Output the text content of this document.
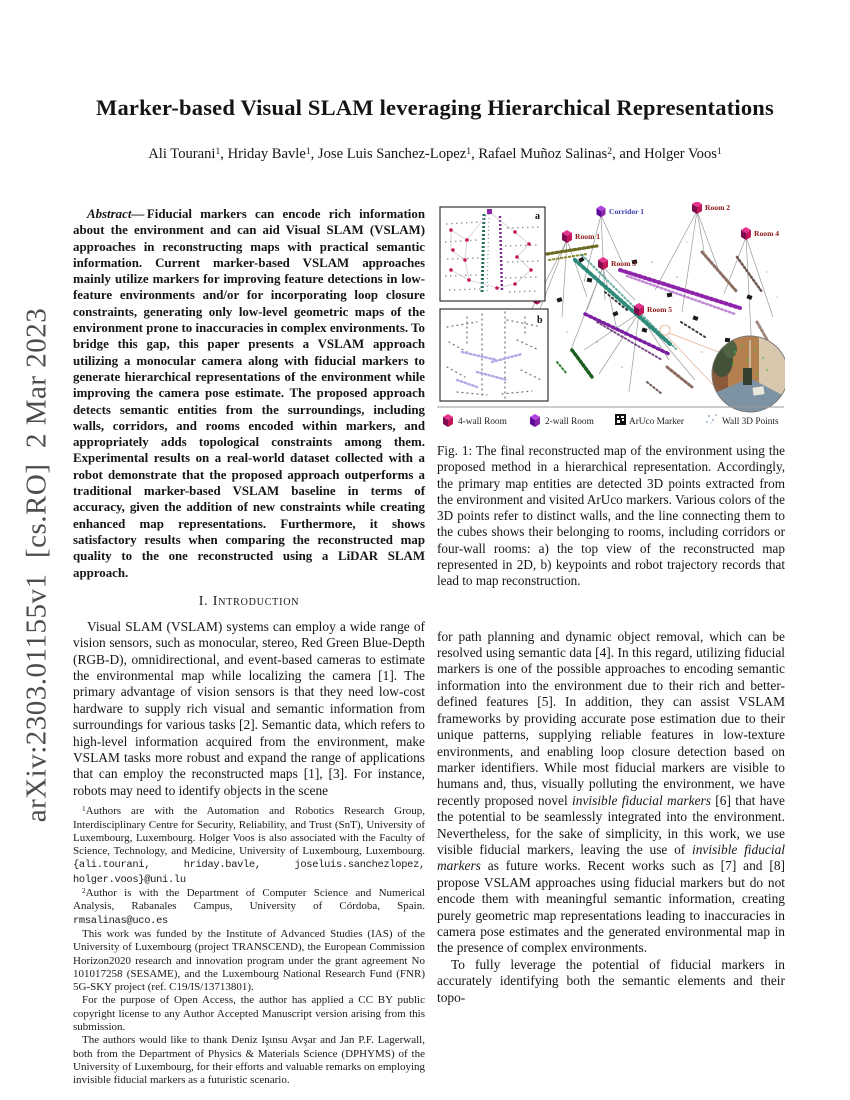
arXiv:2303.01155v1  [cs.RO]  2 Mar 2023
Marker-based Visual SLAM leveraging Hierarchical Representations
Ali Tourani$^1$, Hriday Bavle$^1$, Jose Luis Sanchez-Lopez$^1$, Rafael Muñoz Salinas$^2$, and Holger Voos$^1$

Abstract— Fiducial markers can encode rich information about the environment and can aid Visual SLAM (VSLAM) approaches in reconstructing maps with practical semantic information. Current marker-based VSLAM approaches mainly utilize markers for improving feature detections in low-feature environments and/or for incorporating loop closure constraints, generating only low-level geometric maps of the environment prone to inaccuracies in complex environments. To bridge this gap, this paper presents a VSLAM approach utilizing a monocular camera along with fiducial markers to generate hierarchical representations of the environment while improving the camera pose estimate. The proposed approach detects semantic entities from the surroundings, including walls, corridors, and rooms encoded within markers, and appropriately adds topological constraints among them. Experimental results on a real-world dataset collected with a robot demonstrate that the proposed approach outperforms a traditional marker-based VSLAM baseline in terms of accuracy, given the addition of new constraints while creating enhanced map representations. Furthermore, it shows satisfactory results when comparing the reconstructed map quality to the one reconstructed using a LiDAR SLAM approach.

I. Introduction

Visual SLAM (VSLAM) systems can employ a wide range of vision sensors, such as monocular, stereo, Red Green Blue-Depth (RGB-D), omnidirectional, and event-based cameras to estimate the environmental map while localizing the camera [1]. The primary advantage of vision sensors is that they need low-cost hardware to supply rich visual and semantic information from surroundings for various tasks [2]. Semantic data, which refers to high-level information acquired from the environment, make VSLAM tasks more robust and expand the range of applications that can employ the reconstructed maps [1], [3]. For instance, robots may need to identify objects in the scene

$^1$Authors are with the Automation and Robotics Research Group, Interdisciplinary Centre for Security, Reliability, and Trust (SnT), University of Luxembourg, Luxembourg. Holger Voos is also associated with the Faculty of Science, Technology, and Medicine, University of Luxembourg, Luxembourg. {ali.tourani, hriday.bavle, joseluis.sanchezlopez, holger.voos}@uni.lu

$^2$Author is with the Department of Computer Science and Numerical Analysis, Rabanales Campus, University of Córdoba, Spain. rmsalinas@uco.es

This work was funded by the Institute of Advanced Studies (IAS) of the University of Luxembourg (project TRANSCEND), the European Commission Horizon2020 research and innovation program under the grant agreement No 101017258 (SESAME), and the Luxembourg National Research Fund (FNR) 5G-SKY project (ref. C19/IS/13713801).

For the purpose of Open Access, the author has applied a CC BY public copyright license to any Author Accepted Manuscript version arising from this submission.

The authors would like to thank Deniz Işınsu Avşar and Jan P.F. Lagerwall, both from the Department of Physics & Materials Science (DPHYMS) of the University of Luxembourg, for their efforts and valuable remarks on employing invisible fiducial markers as a futuristic scenario.

Room 1
Corridor 1	Room 2
Room 4
Room 3
Room 5
a
b
4-wall Room	2-wall Room	ArUco Marker	Wall 3D Points

Fig. 1: The final reconstructed map of the environment using the proposed method in a hierarchical representation. Accordingly, the primary map entities are detected 3D points extracted from the environment and visited ArUco markers. Various colors of the 3D points refer to distinct walls, and the line connecting them to the cubes shows their belonging to rooms, including corridors or four-wall rooms: a) the top view of the reconstructed map represented in 2D, b) keypoints and robot trajectory records that lead to map reconstruction.

for path planning and dynamic object removal, which can be resolved using semantic data [4]. In this regard, utilizing fiducial markers is one of the possible approaches to encoding semantic information into the environment due to their rich and better-defined features [5]. In addition, they can assist VSLAM frameworks by providing accurate pose estimation due to their unique patterns, supplying reliable features in low-texture environments, and enabling loop closure detection based on marker identifiers. While most fiducial markers are visible to humans and, thus, visually polluting the environment, we have recently proposed novel invisible fiducial markers [6] that have the potential to be seamlessly integrated into the environment. Nevertheless, for the sake of simplicity, in this work, we use visible fiducial markers, leaving the use of invisible fiducial markers as future works. Recent works such as [7] and [8] propose VSLAM approaches using fiducial markers but do not encode them with meaningful semantic information, creating purely geometric map representations leading to inaccuracies in camera pose estimates and the generated environmental map in the presence of complex environments.

To fully leverage the potential of fiducial markers in accurately identifying both the semantic elements and their topo-
